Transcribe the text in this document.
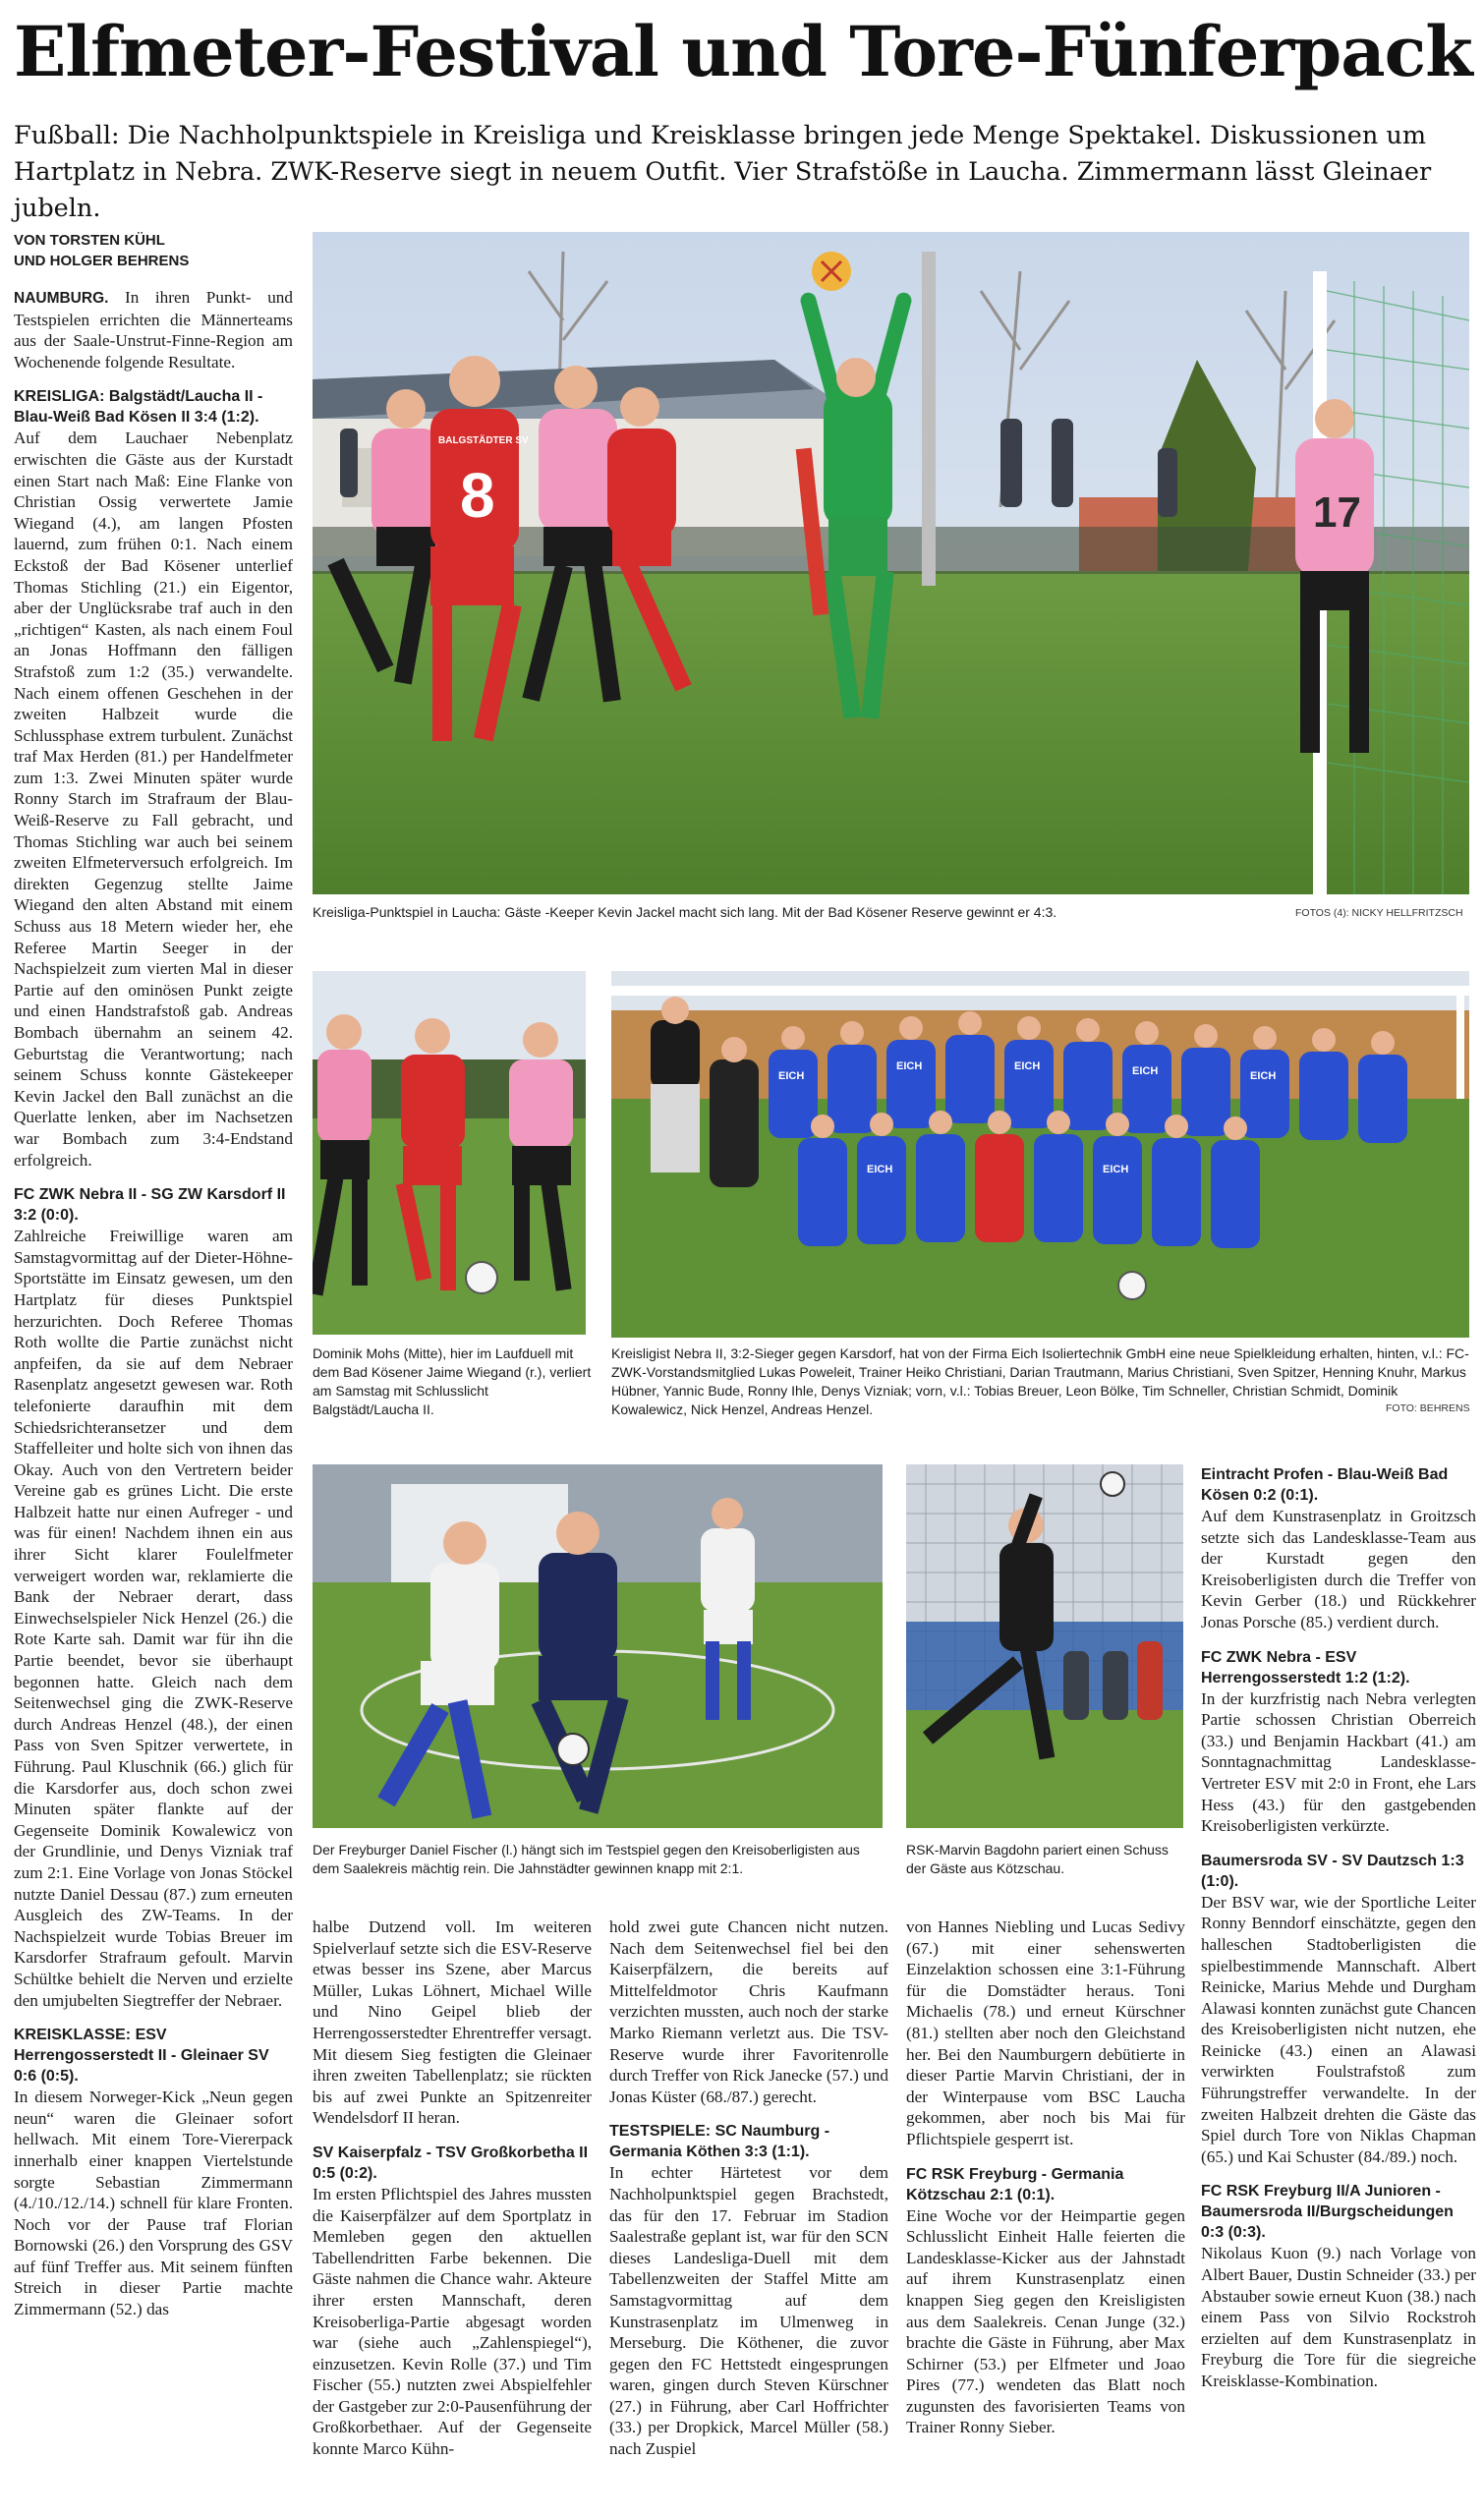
Elfmeter-Festival und Tore-Fünferpack

Fußball: Die Nachholpunktspiele in Kreisliga und Kreisklasse bringen jede Menge Spektakel. Diskussionen um Hartplatz in Nebra. ZWK-Reserve siegt in neuem Outfit. Vier Strafstöße in Laucha. Zimmermann lässt Gleinaer jubeln.

VON TORSTEN KÜHL
UND HOLGER BEHRENS
8
BALGSTÄDTER SV
17
Kreisliga-Punktspiel in Laucha: Gäste -Keeper Kevin Jackel macht sich lang. Mit der Bad Kösener Reserve gewinnt er 4:3.	FOTOS (4): NICKY HELLFRITZSCH
Dominik Mohs (Mitte), hier im Laufduell mit dem Bad Kösener Jaime Wiegand (r.), verliert am Samstag mit Schlusslicht Balgstädt/Laucha II.
EICH
EICH	EICH	EICH	EICH
EICH	EICH
Kreisligist Nebra II, 3:2-Sieger gegen Karsdorf, hat von der Firma Eich Isoliertechnik GmbH eine neue Spielkleidung erhalten, hinten, v.l.: FC-ZWK-Vorstandsmitglied Lukas Poweleit, Trainer Heiko Christiani, Darian Trautmann, Marius Christiani, Sven Spitzer, Henning Knuhr, Markus Hübner, Yannic Bude, Ronny Ihle, Denys Vizniak; vorn, v.l.: Tobias Breuer, Leon Bölke, Tim Schneller, Christian Schmidt, Dominik Kowalewicz, Nick Henzel, Andreas Henzel.	FOTO: BEHRENS
Der Freyburger Daniel Fischer (l.) hängt sich im Testspiel gegen den Kreisoberligisten aus dem Saalekreis mächtig rein. Die Jahnstädter gewinnen knapp mit 2:1.
RSK-Marvin Bagdohn pariert einen Schuss der Gäste aus Kötzschau.

NAUMBURG. In ihren Punkt- und Testspielen errichten die Männerteams aus der Saale-Unstrut-Finne-Region am Wochenende folgende Resultate.

KREISLIGA: Balgstädt/Laucha II - Blau-Weiß Bad Kösen II 3:4 (1:2).

Auf dem Lauchaer Nebenplatz erwischten die Gäste aus der Kurstadt einen Start nach Maß: Eine Flanke von Christian Ossig verwertete Jamie Wiegand (4.), am langen Pfosten lauernd, zum frühen 0:1. Nach einem Eckstoß der Bad Kösener unterlief Thomas Stichling (21.) ein Eigentor, aber der Unglücksrabe traf auch in den „richtigen“ Kasten, als nach einem Foul an Jonas Hoffmann den fälligen Strafstoß zum 1:2 (35.) verwandelte. Nach einem offenen Geschehen in der zweiten Halbzeit wurde die Schlussphase extrem turbulent. Zunächst traf Max Herden (81.) per Handelfmeter zum 1:3. Zwei Minuten später wurde Ronny Starch im Strafraum der Blau-Weiß-Reserve zu Fall gebracht, und Thomas Stichling war auch bei seinem zweiten Elfmeterversuch erfolgreich. Im direkten Gegenzug stellte Jaime Wiegand den alten Abstand mit einem Schuss aus 18 Metern wieder her, ehe Referee Martin Seeger in der Nachspielzeit zum vierten Mal in dieser Partie auf den ominösen Punkt zeigte und einen Handstrafstoß gab. Andreas Bombach übernahm an seinem 42. Geburtstag die Verantwortung; nach seinem Schuss konnte Gästekeeper Kevin Jackel den Ball zunächst an die Querlatte lenken, aber im Nachsetzen war Bombach zum 3:4-Endstand erfolgreich.

FC ZWK Nebra II - SG ZW Karsdorf II 3:2 (0:0).

Zahlreiche Freiwillige waren am Samstagvormittag auf der Dieter-Höhne-Sportstätte im Einsatz gewesen, um den Hartplatz für dieses Punktspiel herzurichten. Doch Referee Thomas Roth wollte die Partie zunächst nicht anpfeifen, da sie auf dem Nebraer Rasenplatz angesetzt gewesen war. Roth telefonierte daraufhin mit dem Schiedsrichteransetzer und dem Staffelleiter und holte sich von ihnen das Okay. Auch von den Vertretern beider Vereine gab es grünes Licht. Die erste Halbzeit hatte nur einen Aufreger - und was für einen! Nachdem ihnen ein aus ihrer Sicht klarer Foulelfmeter verweigert worden war, reklamierte die Bank der Nebraer derart, dass Einwechselspieler Nick Henzel (26.) die Rote Karte sah. Damit war für ihn die Partie beendet, bevor sie überhaupt begonnen hatte. Gleich nach dem Seitenwechsel ging die ZWK-Reserve durch Andreas Henzel (48.), der einen Pass von Sven Spitzer verwertete, in Führung. Paul Kluschnik (66.) glich für die Karsdorfer aus, doch schon zwei Minuten später flankte auf der Gegenseite Dominik Kowalewicz von der Grundlinie, und Denys Vizniak traf zum 2:1. Eine Vorlage von Jonas Stöckel nutzte Daniel Dessau (87.) zum erneuten Ausgleich des ZW-Teams. In der Nachspielzeit wurde Tobias Breuer im Karsdorfer Strafraum gefoult. Marvin Schültke behielt die Nerven und erzielte den umjubelten Siegtreffer der Nebraer.

KREISKLASSE: ESV Herrengosserstedt II - Gleinaer SV 0:6 (0:5).

In diesem Norweger-Kick „Neun gegen neun“ waren die Gleinaer sofort hellwach. Mit einem Tore-Viererpack innerhalb einer knappen Viertelstunde sorgte Sebastian Zimmermann (4./10./12./14.) schnell für klare Fronten. Noch vor der Pause traf Florian Bornowski (26.) den Vorsprung des GSV auf fünf Treffer aus. Mit seinem fünften Streich in dieser Partie machte Zimmermann (52.) das

halbe Dutzend voll. Im weiteren Spielverlauf setzte sich die ESV-Reserve etwas besser ins Szene, aber Marcus Müller, Lukas Löhnert, Michael Wille und Nino Geipel blieb der Herrengosserstedter Ehrentreffer versagt. Mit diesem Sieg festigten die Gleinaer ihren zweiten Tabellenplatz; sie rückten bis auf zwei Punkte an Spitzenreiter Wendelsdorf II heran.

SV Kaiserpfalz - TSV Großkorbetha II 0:5 (0:2).

Im ersten Pflichtspiel des Jahres mussten die Kaiserpfälzer auf dem Sportplatz in Memleben gegen den aktuellen Tabellendritten Farbe bekennen. Die Gäste nahmen die Chance wahr. Akteure ihrer ersten Mannschaft, deren Kreisoberliga-Partie abgesagt worden war (siehe auch „Zahlenspiegel“), einzusetzen. Kevin Rolle (37.) und Tim Fischer (55.) nutzten zwei Abspielfehler der Gastgeber zur 2:0-Pausenführung der Großkorbethaer. Auf der Gegenseite konnte Marco Kühn-

hold zwei gute Chancen nicht nutzen. Nach dem Seitenwechsel fiel bei den Kaiserpfälzern, die bereits auf Mittelfeldmotor Chris Kaufmann verzichten mussten, auch noch der starke Marko Riemann verletzt aus. Die TSV-Reserve wurde ihrer Favoritenrolle durch Treffer von Rick Janecke (57.) und Jonas Küster (68./87.) gerecht.

TESTSPIELE: SC Naumburg - Germania Köthen 3:3 (1:1).

In echter Härtetest vor dem Nachholpunktspiel gegen Brachstedt, das für den 17. Februar im Stadion Saalestraße geplant ist, war für den SCN dieses Landesliga-Duell mit dem Tabellenzweiten der Staffel Mitte am Samstagvormittag auf dem Kunstrasenplatz im Ulmenweg in Merseburg. Die Köthener, die zuvor gegen den FC Hettstedt eingesprungen waren, gingen durch Steven Kürschner (27.) in Führung, aber Carl Hoffrichter (33.) per Dropkick, Marcel Müller (58.) nach Zuspiel

von Hannes Niebling und Lucas Sedivy (67.) mit einer sehenswerten Einzelaktion schossen eine 3:1-Führung für die Domstädter heraus. Toni Michaelis (78.) und erneut Kürschner (81.) stellten aber noch den Gleichstand her. Bei den Naumburgern debütierte in dieser Partie Marvin Christiani, der in der Winterpause vom BSC Laucha gekommen, aber noch bis Mai für Pflichtspiele gesperrt ist.

FC RSK Freyburg - Germania Kötzschau 2:1 (0:1).

Eine Woche vor der Heimpartie gegen Schlusslicht Einheit Halle feierten die Landesklasse-Kicker aus der Jahnstadt auf ihrem Kunstrasenplatz einen knappen Sieg gegen den Kreisligisten aus dem Saalekreis. Cenan Junge (32.) brachte die Gäste in Führung, aber Max Schirner (53.) per Elfmeter und Joao Pires (77.) wendeten das Blatt noch zugunsten des favorisierten Teams von Trainer Ronny Sieber.

Eintracht Profen - Blau-Weiß Bad Kösen 0:2 (0:1).

Auf dem Kunstrasenplatz in Groitzsch setzte sich das Landesklasse-Team aus der Kurstadt gegen den Kreisoberligisten durch die Treffer von Kevin Gerber (18.) und Rückkehrer Jonas Porsche (85.) verdient durch.

FC ZWK Nebra - ESV Herrengosserstedt 1:2 (1:2).

In der kurzfristig nach Nebra verlegten Partie schossen Christian Oberreich (33.) und Benjamin Hackbart (41.) am Sonntagnachmittag Landesklasse-Vertreter ESV mit 2:0 in Front, ehe Lars Hess (43.) für den gastgebenden Kreisoberligisten verkürzte.

Baumersroda SV - SV Dautzsch 1:3 (1:0).

Der BSV war, wie der Sportliche Leiter Ronny Benndorf einschätzte, gegen den halleschen Stadtoberligisten die spielbestimmende Mannschaft. Albert Reinicke, Marius Mehde und Durgham Alawasi konnten zunächst gute Chancen des Kreisoberligisten nicht nutzen, ehe Reinicke (43.) einen an Alawasi verwirkten Foulstrafstoß zum Führungstreffer verwandelte. In der zweiten Halbzeit drehten die Gäste das Spiel durch Tore von Niklas Chapman (65.) und Kai Schuster (84./89.) noch.

FC RSK Freyburg II/A Junioren - Baumersroda II/Burgscheidungen 0:3 (0:3).

Nikolaus Kuon (9.) nach Vorlage von Albert Bauer, Dustin Schneider (33.) per Abstauber sowie erneut Kuon (38.) nach einem Pass von Silvio Rockstroh erzielten auf dem Kunstrasenplatz in Freyburg die Tore für die siegreiche Kreisklasse-Kombination.
